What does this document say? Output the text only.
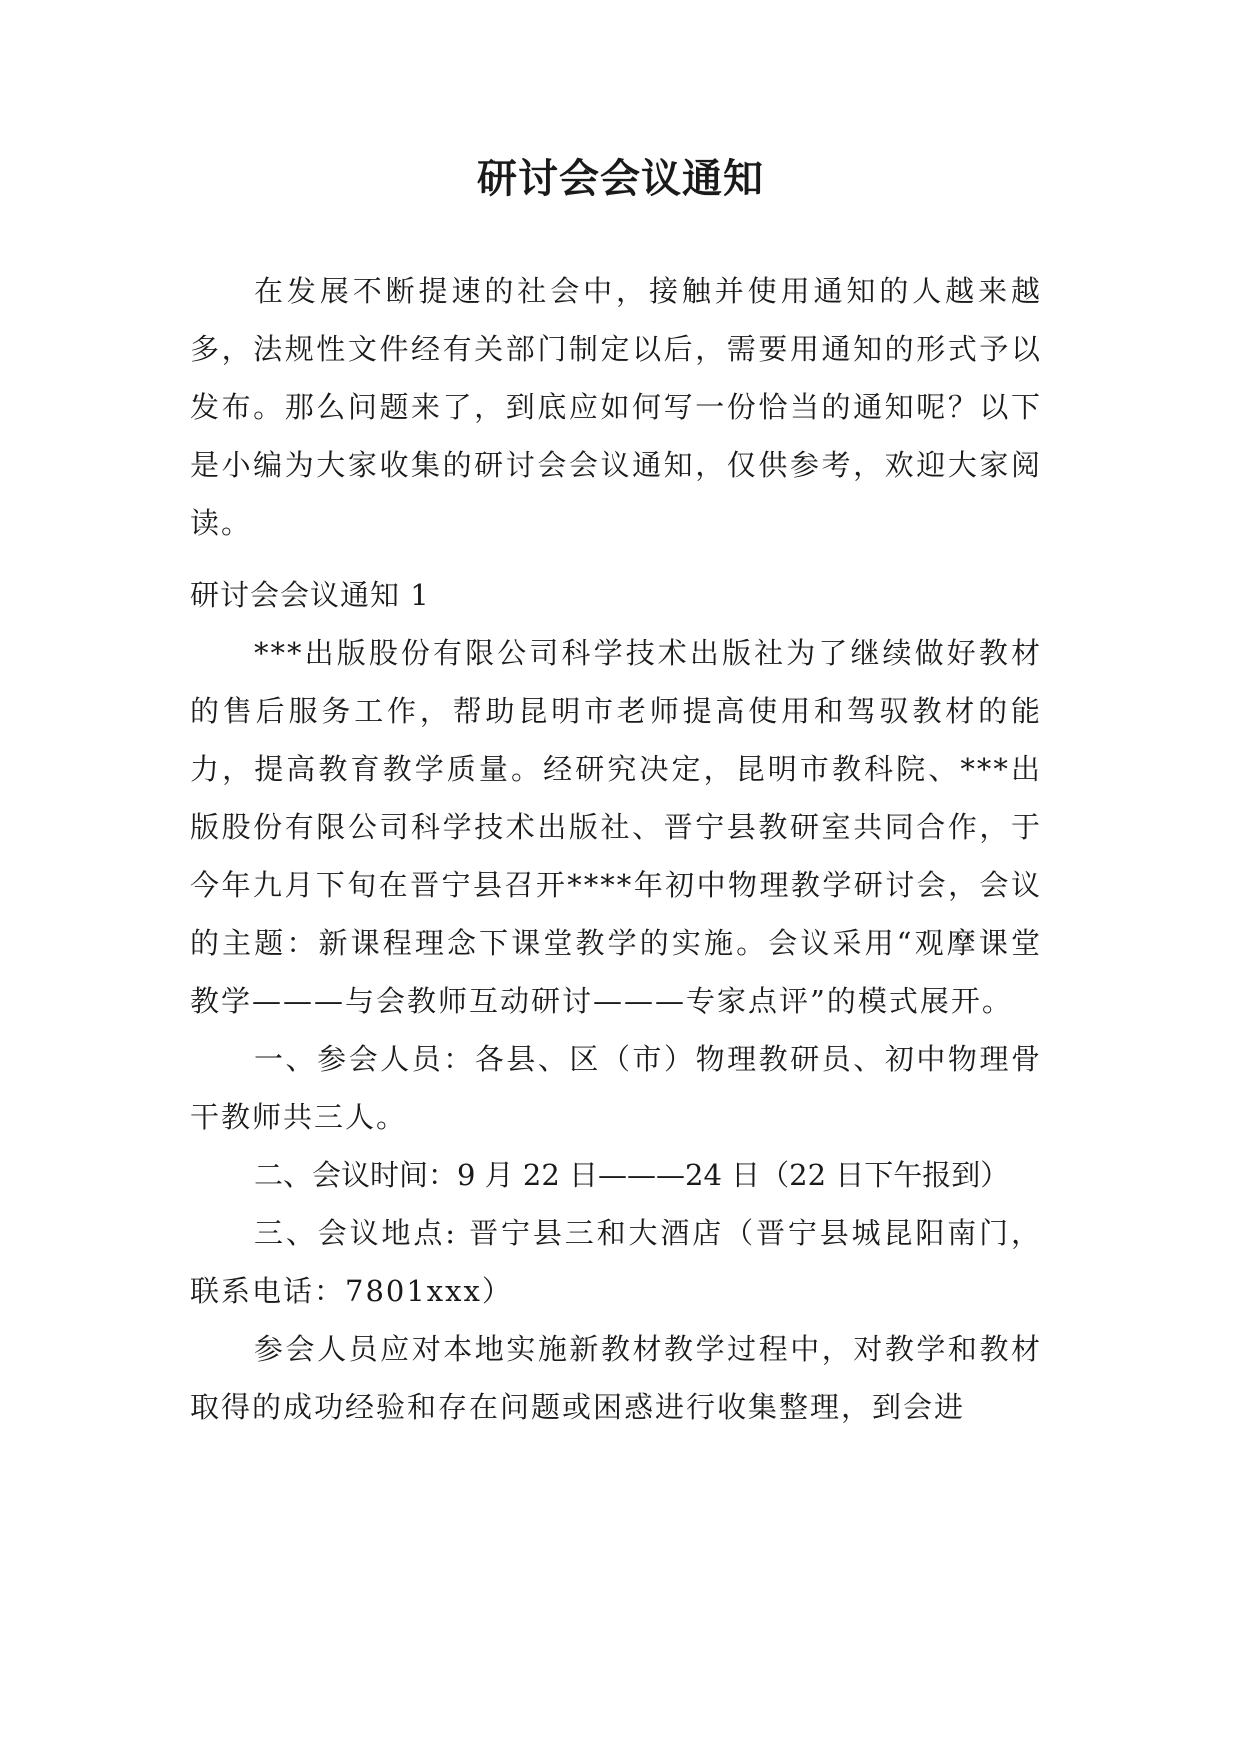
研讨会会议通知

在发展不断提速的社会中，接触并使用通知的人越来越多，法规性文件经有关部门制定以后，需要用通知的形式予以发布。那么问题来了，到底应如何写一份恰当的通知呢？以下是小编为大家收集的研讨会会议通知，仅供参考，欢迎大家阅读。

研讨会会议通知 1

***出版股份有限公司科学技术出版社为了继续做好教材的售后服务工作，帮助昆明市老师提高使用和驾驭教材的能力，提高教育教学质量。经研究决定，昆明市教科院、***出版股份有限公司科学技术出版社、晋宁县教研室共同合作，于今年九月下旬在晋宁县召开****年初中物理教学研讨会，会议的主题：新课程理念下课堂教学的实施。会议采用“观摩课堂教学———与会教师互动研讨———专家点评”的模式展开。

一、参会人员：各县、区（市）物理教研员、初中物理骨干教师共三人。

二、会议时间：9 月 22 日———24 日（22 日下午报到）

三、会议地点: 晋宁县三和大酒店（晋宁县城昆阳南门，联系电话：7801xxx）

参会人员应对本地实施新教材教学过程中，对教学和教材取得的成功经验和存在问题或困惑进行收集整理，到会进
